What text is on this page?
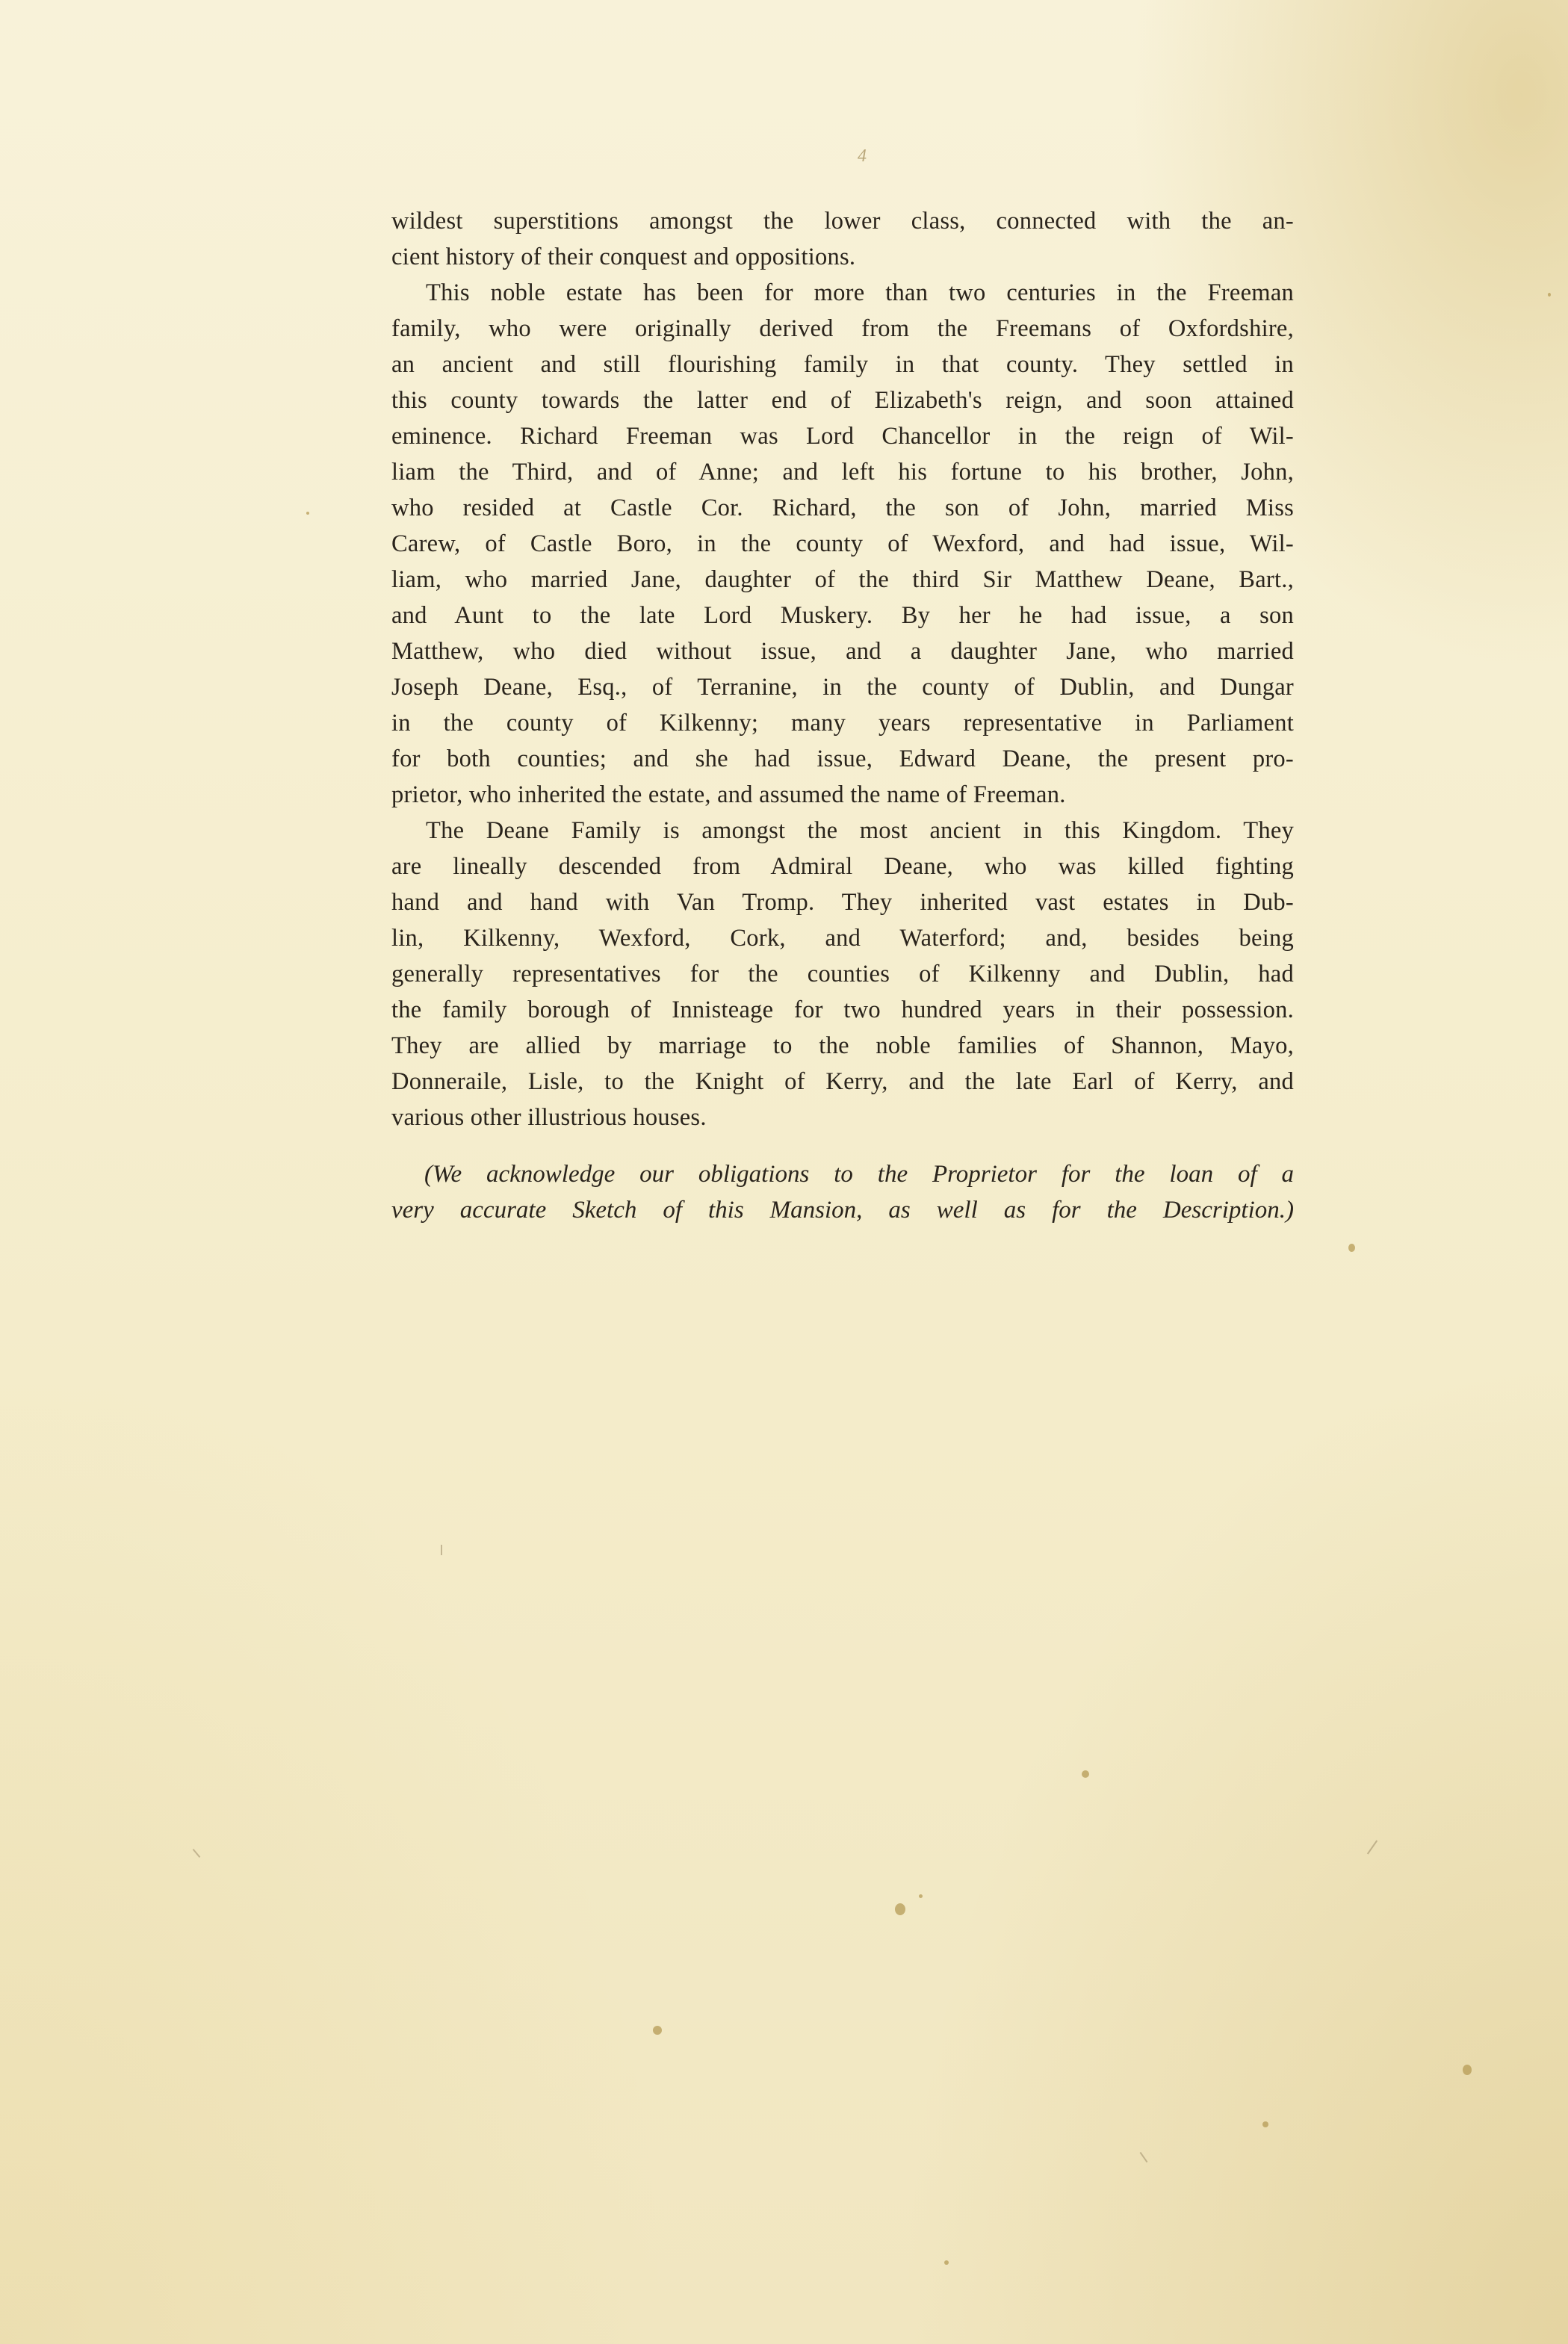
4
wildest superstitions amongst the lower class, connected with the an-
cient history of their conquest and oppositions.
This noble estate has been for more than two centuries in the Freeman
family, who were originally derived from the Freemans of Oxfordshire,
an ancient and still flourishing family in that county. They settled in
this county towards the latter end of Elizabeth's reign, and soon attained
eminence. Richard Freeman was Lord Chancellor in the reign of Wil-
liam the Third, and of Anne; and left his fortune to his brother, John,
who resided at Castle Cor. Richard, the son of John, married Miss
Carew, of Castle Boro, in the county of Wexford, and had issue, Wil-
liam, who married Jane, daughter of the third Sir Matthew Deane, Bart.,
and Aunt to the late Lord Muskery. By her he had issue, a son
Matthew, who died without issue, and a daughter Jane, who married
Joseph Deane, Esq., of Terranine, in the county of Dublin, and Dungar
in the county of Kilkenny; many years representative in Parliament
for both counties; and she had issue, Edward Deane, the present pro-
prietor, who inherited the estate, and assumed the name of Freeman.
The Deane Family is amongst the most ancient in this Kingdom. They
are lineally descended from Admiral Deane, who was killed fighting
hand and hand with Van Tromp. They inherited vast estates in Dub-
lin, Kilkenny, Wexford, Cork, and Waterford; and, besides being
generally representatives for the counties of Kilkenny and Dublin, had
the family borough of Innisteage for two hundred years in their possession.
They are allied by marriage to the noble families of Shannon, Mayo,
Donneraile, Lisle, to the Knight of Kerry, and the late Earl of Kerry, and
various other illustrious houses.
(We acknowledge our obligations to the Proprietor for the loan of a
very accurate Sketch of this Mansion, as well as for the Description.)
